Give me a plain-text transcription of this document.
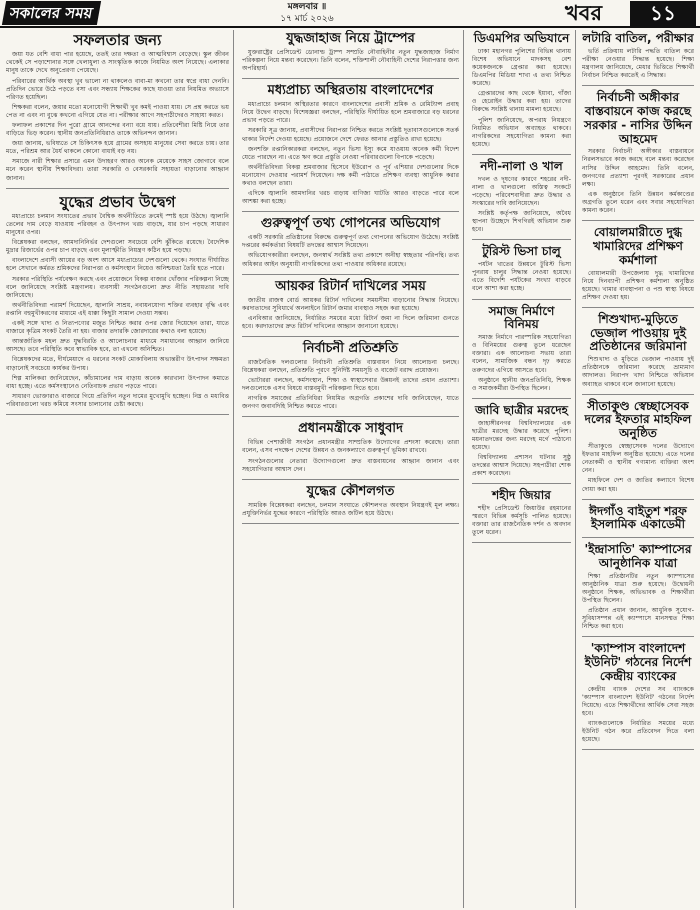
সকালের সময়	মঙ্গলবার ॥
১৭ মার্চ ২০২৬	খবর	১১
সফলতার জন্য

জয়া যত বেশি বাধা পার হয়েছে, ততই তার দক্ষতা ও আত্মবিশ্বাস বেড়েছে। স্কুল জীবন থেকেই সে পড়াশোনার সঙ্গে খেলাধুলা ও সাংস্কৃতিক কাজে নিয়মিত অংশ নিয়েছে। এলাকার মানুষ তাকে দেখে অনুপ্রেরণা পেয়েছে।

পরিবারের আর্থিক অবস্থা খুব ভালো না থাকলেও বাবা-মা কখনো তার স্বপ্নে বাধা দেননি। প্রতিদিন ভোরে উঠে পড়তে বসা এবং সন্ধ্যায় শিক্ষকের কাছে যাওয়া তার নিয়মিত অভ্যাসে পরিণত হয়েছিল।

শিক্ষকরা বলেন, জয়ার মতো মনোযোগী শিক্ষার্থী খুব কমই পাওয়া যায়। সে প্রশ্ন করতে ভয় পেত না এবং না বুঝে কখনো এগিয়ে যেত না। পরীক্ষার আগে সহপাঠীদেরও সাহায্য করত।

ফলাফল প্রকাশের দিন পুরো গ্রামে আনন্দের বন্যা বয়ে যায়। প্রতিবেশীরা মিষ্টি নিয়ে তার বাড়িতে ভিড় করেন। স্থানীয় জনপ্রতিনিধিরাও তাকে অভিনন্দন জানান।

জয়া জানায়, ভবিষ্যতে সে চিকিৎসক হয়ে গ্রামের অসহায় মানুষের সেবা করতে চায়। তার মতে, পরিশ্রম আর ধৈর্য থাকলে কোনো বাধাই বড় নয়।

সমাজে নারী শিক্ষার প্রসারে এমন উদাহরণ আরও অনেক মেয়েকে সাহস জোগাবে বলে মনে করেন স্থানীয় শিক্ষাবিদরা। তারা সরকারি ও বেসরকারি সহায়তা বাড়ানোর আহ্বান জানান।

যুদ্ধের প্রভাব উদ্বেগ

মধ্যপ্রাচ্যে চলমান সংঘাতের প্রভাব বৈশ্বিক অর্থনীতিতে ক্রমেই স্পষ্ট হয়ে উঠছে। জ্বালানি তেলের দাম বেড়ে যাওয়ায় পরিবহন ও উৎপাদন খরচ বাড়ছে, যার চাপ পড়ছে সাধারণ মানুষের ওপর।

বিশ্লেষকরা বলছেন, আমদানিনির্ভর দেশগুলো সবচেয়ে বেশি ঝুঁকিতে রয়েছে। বৈদেশিক মুদ্রার রিজার্ভের ওপর চাপ বাড়ছে এবং মূল্যস্ফীতি নিয়ন্ত্রণ কঠিন হয়ে পড়ছে।

বাংলাদেশে প্রবাসী আয়ের বড় অংশ আসে মধ্যপ্রাচ্যের দেশগুলো থেকে। সংঘাত দীর্ঘায়িত হলে সেখানে কর্মরত শ্রমিকদের নিরাপত্তা ও কর্মসংস্থান নিয়েও অনিশ্চয়তা তৈরি হতে পারে।

সরকার পরিস্থিতি পর্যবেক্ষণ করছে এবং প্রয়োজনে বিকল্প বাজার খোঁজার পরিকল্পনা নিচ্ছে বলে জানিয়েছে সংশ্লিষ্ট মন্ত্রণালয়। ব্যবসায়ী সংগঠনগুলো দ্রুত নীতি সহায়তার দাবি জানিয়েছে।

অর্থনীতিবিদরা পরামর্শ দিয়েছেন, জ্বালানি সাশ্রয়, নবায়নযোগ্য শক্তির ব্যবহার বৃদ্ধি এবং রপ্তানি বহুমুখীকরণের মাধ্যমে এই ধাক্কা কিছুটা সামাল দেওয়া সম্ভব।

একই সঙ্গে খাদ্য ও নিত্যপণ্যের মজুত নিশ্চিত করার ওপর জোর দিয়েছেন তারা, যাতে বাজারে কৃত্রিম সংকট তৈরি না হয়। বাজার তদারকি জোরদারের কথাও বলা হয়েছে।

আন্তর্জাতিক মহল দ্রুত যুদ্ধবিরতি ও আলোচনার মাধ্যমে সমাধানের আহ্বান জানিয়ে আসছে। তবে পরিস্থিতি কবে স্বাভাবিক হবে, তা এখনো অনিশ্চিত।

বিশ্লেষকদের মতে, দীর্ঘমেয়াদে এ ধরনের সংকট মোকাবিলায় অভ্যন্তরীণ উৎপাদন সক্ষমতা বাড়ানোই সবচেয়ে কার্যকর উপায়।

শিল্প মালিকরা জানিয়েছেন, কাঁচামালের দাম বাড়ায় অনেক কারখানা উৎপাদন কমাতে বাধ্য হচ্ছে। এতে কর্মসংস্থানেও নেতিবাচক প্রভাব পড়তে পারে।

সাধারণ ভোক্তারাও বাজারে গিয়ে প্রতিদিন নতুন দামের মুখোমুখি হচ্ছেন। নিম্ন ও মধ্যবিত্ত পরিবারগুলো খরচ কমিয়ে সংসার চালানোর চেষ্টা করছে।

যুদ্ধজাহাজ নিয়ে ট্রাম্পের

যুক্তরাষ্ট্রের প্রেসিডেন্ট ডোনাল্ড ট্রাম্প সম্প্রতি নৌবাহিনীর নতুন যুদ্ধজাহাজ নির্মাণ পরিকল্পনা নিয়ে মন্তব্য করেছেন। তিনি বলেন, শক্তিশালী নৌবাহিনী দেশের নিরাপত্তার জন্য অপরিহার্য।

মধ্যপ্রাচ্য অস্থিরতায় বাংলাদেশের

মধ্যপ্রাচ্যে চলমান অস্থিরতার কারণে বাংলাদেশের প্রবাসী শ্রমিক ও রেমিট্যান্স প্রবাহ নিয়ে উদ্বেগ বাড়ছে। বিশেষজ্ঞরা বলছেন, পরিস্থিতি দীর্ঘায়িত হলে শ্রমবাজারে বড় ধরনের প্রভাব পড়তে পারে।

সরকারি সূত্র জানায়, প্রবাসীদের নিরাপত্তা নিশ্চিত করতে সংশ্লিষ্ট দূতাবাসগুলোকে সতর্ক থাকার নির্দেশ দেওয়া হয়েছে। প্রয়োজনে দেশে ফেরত আনার প্রস্তুতিও রাখা হয়েছে।

জনশক্তি রপ্তানিকারকরা বলছেন, নতুন ভিসা ইস্যু কমে যাওয়ায় অনেক কর্মী বিদেশ যেতে পারছেন না। এতে ঋণ করে প্রস্তুতি নেওয়া পরিবারগুলো বিপাকে পড়েছে।

অর্থনীতিবিদরা বিকল্প শ্রমবাজার হিসেবে ইউরোপ ও পূর্ব এশিয়ার দেশগুলোর দিকে মনোযোগ দেওয়ার পরামর্শ দিয়েছেন। দক্ষ কর্মী পাঠাতে প্রশিক্ষণ ব্যবস্থা আধুনিক করার কথাও বলছেন তারা।

এদিকে জ্বালানি আমদানির খরচ বাড়ায় বাণিজ্য ঘাটতি আরও বাড়তে পারে বলে আশঙ্কা করা হচ্ছে।

গুরুত্বপূর্ণ তথ্য গোপনের অভিযোগ

একটি সরকারি প্রতিষ্ঠানের বিরুদ্ধে গুরুত্বপূর্ণ তথ্য গোপনের অভিযোগ উঠেছে। সংশ্লিষ্ট দপ্তরের কর্মকর্তারা বিষয়টি তদন্তের আশ্বাস দিয়েছেন।

অভিযোগকারীরা বলছেন, জনস্বার্থ সংশ্লিষ্ট তথ্য প্রকাশে অনীহা স্বচ্ছতার পরিপন্থি। তথ্য অধিকার আইন অনুযায়ী নাগরিকদের তথ্য পাওয়ার অধিকার রয়েছে।

আয়কর রিটার্ন দাখিলের সময়

জাতীয় রাজস্ব বোর্ড আয়কর রিটার্ন দাখিলের সময়সীমা বাড়ানোর সিদ্ধান্ত নিয়েছে। করদাতাদের সুবিধার্থে অনলাইনে রিটার্ন জমার ব্যবস্থাও সহজ করা হয়েছে।

এনবিআর জানিয়েছে, নির্ধারিত সময়ের মধ্যে রিটার্ন জমা না দিলে জরিমানা গুনতে হবে। করদাতাদের দ্রুত রিটার্ন দাখিলের আহ্বান জানানো হয়েছে।

নির্বাচনী প্রতিশ্রুতি

রাজনৈতিক দলগুলোর নির্বাচনী প্রতিশ্রুতি বাস্তবায়ন নিয়ে আলোচনা চলছে। বিশ্লেষকরা বলছেন, প্রতিশ্রুতি পূরণে সুনির্দিষ্ট সময়সূচি ও বাজেট বরাদ্দ প্রয়োজন।

ভোটাররা বলছেন, কর্মসংস্থান, শিক্ষা ও স্বাস্থ্যসেবার উন্নয়নই তাদের প্রধান প্রত্যাশা। দলগুলোকে এসব বিষয়ে বাস্তবমুখী পরিকল্পনা দিতে হবে।

নাগরিক সমাজের প্রতিনিধিরা নিয়মিত অগ্রগতি প্রকাশের দাবি জানিয়েছেন, যাতে জনগণ জবাবদিহি নিশ্চিত করতে পারে।

প্রধানমন্ত্রীকে সাধুবাদ

বিভিন্ন পেশাজীবী সংগঠন প্রধানমন্ত্রীর সাম্প্রতিক উদ্যোগের প্রশংসা করেছে। তারা বলেন, এসব পদক্ষেপ দেশের উন্নয়ন ও জনকল্যাণে গুরুত্বপূর্ণ ভূমিকা রাখবে।

সংগঠনগুলোর নেতারা উদ্যোগগুলো দ্রুত বাস্তবায়নের আহ্বান জানান এবং সহযোগিতার আশ্বাস দেন।

যুদ্ধের কৌশলগত

সামরিক বিশ্লেষকরা বলছেন, চলমান সংঘাতে কৌশলগত অবস্থান নিয়ন্ত্রণই মূল লক্ষ্য। প্রযুক্তিনির্ভর যুদ্ধের কারণে পরিস্থিতি আরও জটিল হয়ে উঠছে।

ডিএমপির অভিযানে

ঢাকা মহানগর পুলিশের বিভিন্ন থানায় বিশেষ অভিযানে মাদকসহ বেশ কয়েকজনকে গ্রেপ্তার করা হয়েছে। ডিএমপির মিডিয়া শাখা এ তথ্য নিশ্চিত করেছে।

গ্রেপ্তারদের কাছ থেকে ইয়াবা, গাঁজা ও হেরোইন উদ্ধার করা হয়। তাদের বিরুদ্ধে সংশ্লিষ্ট থানায় মামলা হয়েছে।

পুলিশ জানিয়েছে, অপরাধ নিয়ন্ত্রণে নিয়মিত অভিযান অব্যাহত থাকবে। নাগরিকদের সহযোগিতা কামনা করা হয়েছে।

নদী-নালা ও খাল

দখল ও দূষণের কারণে শহরের নদী-নালা ও খালগুলো অস্তিত্ব সংকটে পড়েছে। পরিবেশবাদীরা দ্রুত উদ্ধার ও সংস্কারের দাবি জানিয়েছেন।

সংশ্লিষ্ট কর্তৃপক্ষ জানিয়েছে, অবৈধ স্থাপনা উচ্ছেদে শিগগিরই অভিযান শুরু হবে।

টুরিস্ট ভিসা চালু

পর্যটন খাতের উন্নয়নে টুরিস্ট ভিসা পুনরায় চালুর সিদ্ধান্ত নেওয়া হয়েছে। এতে বিদেশি পর্যটকের সংখ্যা বাড়বে বলে আশা করা হচ্ছে।

সমাজ নির্মাণে বিনিময়

সমাজ নির্মাণে পারস্পরিক সহযোগিতা ও বিনিময়ের গুরুত্ব তুলে ধরেছেন বক্তারা। এক আলোচনা সভায় তারা বলেন, সামাজিক বন্ধন দৃঢ় করতে তরুণদের এগিয়ে আসতে হবে।

অনুষ্ঠানে স্থানীয় জনপ্রতিনিধি, শিক্ষক ও সমাজকর্মীরা উপস্থিত ছিলেন।

জাবি ছাত্রীর মরদেহ

জাহাঙ্গীরনগর বিশ্ববিদ্যালয়ের এক ছাত্রীর মরদেহ উদ্ধার করেছে পুলিশ। ময়নাতদন্তের জন্য মরদেহ মর্গে পাঠানো হয়েছে।

বিশ্ববিদ্যালয় প্রশাসন ঘটনার সুষ্ঠু তদন্তের আশ্বাস দিয়েছে। সহপাঠীরা শোক প্রকাশ করেছেন।

শহীদ জিয়ার

শহীদ প্রেসিডেন্ট জিয়াউর রহমানের স্মরণে বিভিন্ন কর্মসূচি পালিত হয়েছে। বক্তারা তার রাজনৈতিক দর্শন ও অবদান তুলে ধরেন।

লটারি বাতিল, পরীক্ষার

ভর্তি প্রক্রিয়ায় লটারি পদ্ধতি বাতিল করে পরীক্ষা নেওয়ার সিদ্ধান্ত হয়েছে। শিক্ষা মন্ত্রণালয় জানিয়েছে, মেধার ভিত্তিতে শিক্ষার্থী নির্বাচন নিশ্চিত করতেই এ সিদ্ধান্ত।

নির্বাচনী অঙ্গীকার বাস্তবায়নে কাজ করছে সরকার - নাসির উদ্দিন আহমেদ

সরকার নির্বাচনী অঙ্গীকার বাস্তবায়নে নিরলসভাবে কাজ করছে বলে মন্তব্য করেছেন নাসির উদ্দিন আহমেদ। তিনি বলেন, জনগণের প্রত্যাশা পূরণই সরকারের প্রধান লক্ষ্য।

এক অনুষ্ঠানে তিনি উন্নয়ন কর্মকাণ্ডের অগ্রগতি তুলে ধরেন এবং সবার সহযোগিতা কামনা করেন।

বোয়ালমারীতে দুগ্ধ খামারিদের প্রশিক্ষণ কর্মশালা

বোয়ালমারী উপজেলায় দুগ্ধ খামারিদের নিয়ে দিনব্যাপী প্রশিক্ষণ কর্মশালা অনুষ্ঠিত হয়েছে। খামার ব্যবস্থাপনা ও পশু স্বাস্থ্য বিষয়ে প্রশিক্ষণ দেওয়া হয়।

শিশুখাদ্য-মুড়িতে ভেজাল পাওয়ায় দুই প্রতিষ্ঠানের জরিমানা

শিশুখাদ্য ও মুড়িতে ভেজাল পাওয়ায় দুই প্রতিষ্ঠানকে জরিমানা করেছে ভ্রাম্যমাণ আদালত। নিরাপদ খাদ্য নিশ্চিতে অভিযান অব্যাহত থাকবে বলে জানানো হয়েছে।

সীতাকুণ্ড স্বেচ্ছাসেবক দলের ইফতার মাহফিল অনুষ্ঠিত

সীতাকুণ্ডে স্বেচ্ছাসেবক দলের উদ্যোগে ইফতার মাহফিল অনুষ্ঠিত হয়েছে। এতে দলের নেতাকর্মী ও স্থানীয় গণ্যমান্য ব্যক্তিরা অংশ নেন।

মাহফিলে দেশ ও জাতির কল্যাণে বিশেষ দোয়া করা হয়।

ঈদগাঁও বাইতুশ শরফ ইসলামিক একাডেমী
'ইন্দ্রাসাতি' ক্যাম্পাসের আনুষ্ঠানিক যাত্রা

শিক্ষা প্রতিষ্ঠানটির নতুন ক্যাম্পাসের আনুষ্ঠানিক যাত্রা শুরু হয়েছে। উদ্বোধনী অনুষ্ঠানে শিক্ষক, অভিভাবক ও শিক্ষার্থীরা উপস্থিত ছিলেন।

প্রতিষ্ঠান প্রধান জানান, আধুনিক সুযোগ-সুবিধাসম্পন্ন এই ক্যাম্পাসে মানসম্মত শিক্ষা নিশ্চিত করা হবে।

'ক্যাম্পাস বাংলাদেশ ইউনিট' গঠনের নির্দেশ কেন্দ্রীয় ব্যাংকের

কেন্দ্রীয় ব্যাংক দেশের সব ব্যাংককে 'ক্যাম্পাস বাংলাদেশ ইউনিট' গঠনের নির্দেশ দিয়েছে। এতে শিক্ষার্থীদের আর্থিক সেবা সহজ হবে।

ব্যাংকগুলোকে নির্ধারিত সময়ের মধ্যে ইউনিট গঠন করে প্রতিবেদন দিতে বলা হয়েছে।
